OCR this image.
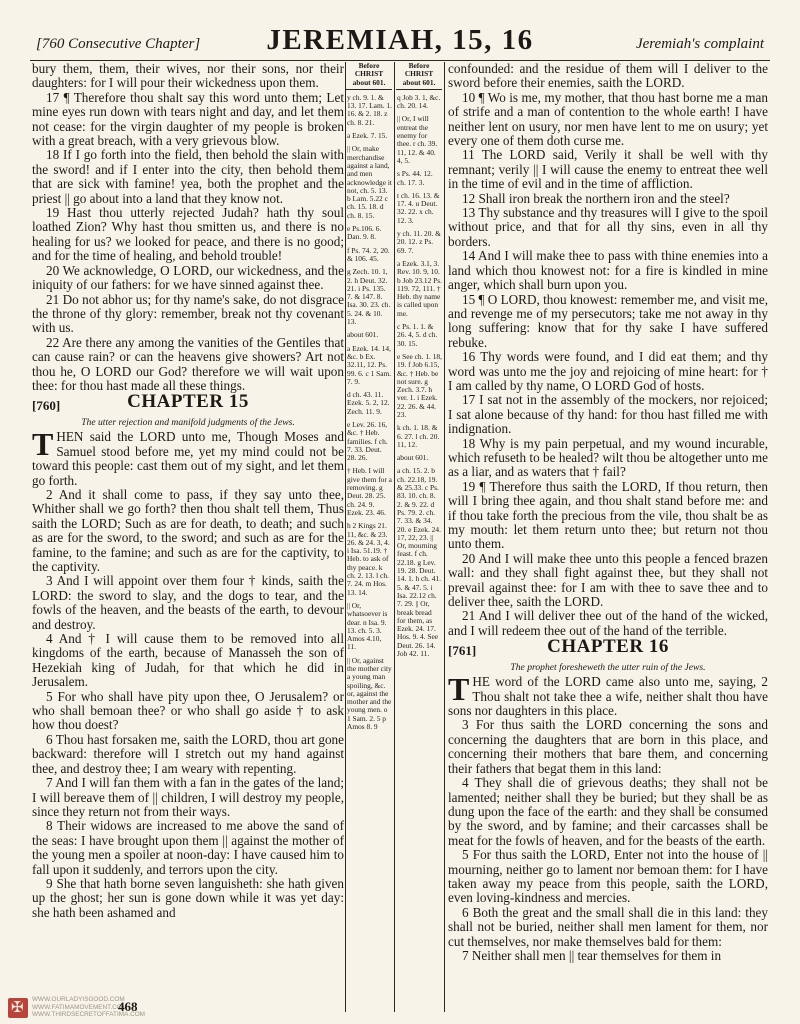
[760 Consecutive Chapter]	JEREMIAH, 15, 16	Jeremiah's complaint

bury them, them, their wives, nor their sons, nor their daughters: for I will pour their wickedness upon them.

17 ¶ Therefore thou shalt say this word unto them; Let mine eyes run down with tears night and day, and let them not cease: for the virgin daughter of my people is broken with a great breach, with a very grievous blow.

18 If I go forth into the field, then behold the slain with the sword! and if I enter into the city, then behold them that are sick with famine! yea, both the prophet and the priest || go about into a land that they know not.

19 Hast thou utterly rejected Judah? hath thy soul loathed Zion? Why hast thou smitten us, and there is no healing for us? we looked for peace, and there is no good; and for the time of healing, and behold trouble!

20 We acknowledge, O LORD, our wickedness, and the iniquity of our fathers: for we have sinned against thee.

21 Do not abhor us; for thy name's sake, do not disgrace the throne of thy glory: remember, break not thy covenant with us.

22 Are there any among the vanities of the Gentiles that can cause rain? or can the heavens give showers? Art not thou he, O LORD our God? therefore we will wait upon thee: for thou hast made all these things.

[760]	CHAPTER 15
The utter rejection and manifold judgments of the Jews.

THEN said the LORD unto me, Though Moses and Samuel stood before me, yet my mind could not be toward this people: cast them out of my sight, and let them go forth.

2 And it shall come to pass, if they say unto thee, Whither shall we go forth? then thou shalt tell them, Thus saith the LORD; Such as are for death, to death; and such as are for the sword, to the sword; and such as are for the famine, to the famine; and such as are for the captivity, to the captivity.

3 And I will appoint over them four † kinds, saith the LORD: the sword to slay, and the dogs to tear, and the fowls of the heaven, and the beasts of the earth, to devour and destroy.

4 And † I will cause them to be removed into all kingdoms of the earth, because of Manasseh the son of Hezekiah king of Judah, for that which he did in Jerusalem.

5 For who shall have pity upon thee, O Jerusalem? or who shall bemoan thee? or who shall go aside † to ask how thou doest?

6 Thou hast forsaken me, saith the LORD, thou art gone backward: therefore will I stretch out my hand against thee, and destroy thee; I am weary with repenting.

7 And I will fan them with a fan in the gates of the land; I will bereave them of || children, I will destroy my people, since they return not from their ways.

8 Their widows are increased to me above the sand of the seas: I have brought upon them || against the mother of the young men a spoiler at noon-day: I have caused him to fall upon it suddenly, and terrors upon the city.

9 She that hath borne seven languisheth: she hath given up the ghost; her sun is gone down while it was yet day: she hath been ashamed and

Before CHRIST about 601.
y ch. 9. 1. & 13. 17. Lam. 1. 16. & 2. 18. z ch. 8. 21.
a Ezek. 7. 15.
|| Or, make merchandise against a land, and men acknowledge it not, ch. 5. 13. b Lam. 5.22 c ch. 15. 18. d ch. 8. 15.
e Ps.106. 6. Dan. 9. 8.
f Ps. 74. 2, 20. & 106. 45.
g Zech. 10. 1, 2. h Deut. 32. 21. i Ps. 135. 7. & 147. 8. Isa. 30. 23. ch. 5. 24. & 10. 13.
about 601.
a Ezek. 14. 14, &c. b Ex. 32.11, 12. Ps. 99. 6. c 1 Sam. 7. 9.
d ch. 43. 11. Ezek. 5. 2, 12. Zech. 11. 9.
e Lev. 26. 16, &c. † Heb. families. f ch. 7. 33. Deut. 28. 26.
† Heb. I will give them for a removing. g Deut. 28. 25. ch. 24. 9. Ezek. 23. 46.
h 2 Kings 21. 11, &c. & 23. 26. & 24. 3, 4. i Isa. 51.19. † Heb. to ask of thy peace. k ch. 2. 13. l ch. 7. 24. m Hos. 13. 14.
|| Or, whatsoever is dear. n Isa. 9. 13. ch. 5. 3. Amos 4.10, 11.
|| Or, against the mother city a young man spoiling, &c. or, against the mother and the young men. o 1 Sam. 2. 5 p Amos 8. 9
Before CHRIST about 601.
q Job 3. 1, &c. ch. 20. 14.
|| Or, I will entreat the enemy for thee. r ch. 39. 11, 12. & 40. 4, 5.
s Ps. 44. 12. ch. 17. 3.
t ch. 16. 13. & 17. 4. u Deut. 32. 22. x ch. 12. 3.
y ch. 11. 20. & 20. 12. z Ps. 69. 7.
a Ezek. 3.1, 3. Rev. 10. 9, 10. b Job 23.12 Ps. 119. 72, 111. † Heb. thy name is called upon me.
c Ps. 1. 1. & 26. 4, 5. d ch. 30. 15.
e See ch. 1. 18, 19. f Job 6.15, &c. † Heb. be not sure. g Zech. 3.7. h ver. 1. i Ezek. 22. 26. & 44. 23.
k ch. 1. 18. & 6. 27. l ch. 20. 11, 12.
about 601.
a ch. 15. 2. b ch. 22.18, 19. & 25.33. c Ps. 83. 10. ch. 8. 2. & 9. 22. d Ps. 79. 2. ch. 7. 33. & 34. 20. e Ezek. 24. 17, 22, 23. || Or, mourning feast. f ch. 22.18. g Lev. 19. 28. Deut. 14. 1. h ch. 41. 5. & 47. 5. i Isa. 22.12 ch. 7. 29. || Or, break bread for them, as Ezek. 24. 17. Hos. 9. 4. See Deut. 26. 14. Job 42. 11.

confounded: and the residue of them will I deliver to the sword before their enemies, saith the LORD.

10 ¶ Wo is me, my mother, that thou hast borne me a man of strife and a man of contention to the whole earth! I have neither lent on usury, nor men have lent to me on usury; yet every one of them doth curse me.

11 The LORD said, Verily it shall be well with thy remnant; verily || I will cause the enemy to entreat thee well in the time of evil and in the time of affliction.

12 Shall iron break the northern iron and the steel?

13 Thy substance and thy treasures will I give to the spoil without price, and that for all thy sins, even in all thy borders.

14 And I will make thee to pass with thine enemies into a land which thou knowest not: for a fire is kindled in mine anger, which shall burn upon you.

15 ¶ O LORD, thou knowest: remember me, and visit me, and revenge me of my persecutors; take me not away in thy long suffering: know that for thy sake I have suffered rebuke.

16 Thy words were found, and I did eat them; and thy word was unto me the joy and rejoicing of mine heart: for † I am called by thy name, O LORD God of hosts.

17 I sat not in the assembly of the mockers, nor rejoiced; I sat alone because of thy hand: for thou hast filled me with indignation.

18 Why is my pain perpetual, and my wound incurable, which refuseth to be healed? wilt thou be altogether unto me as a liar, and as waters that † fail?

19 ¶ Therefore thus saith the LORD, If thou return, then will I bring thee again, and thou shalt stand before me: and if thou take forth the precious from the vile, thou shalt be as my mouth: let them return unto thee; but return not thou unto them.

20 And I will make thee unto this people a fenced brazen wall: and they shall fight against thee, but they shall not prevail against thee: for I am with thee to save thee and to deliver thee, saith the LORD.

21 And I will deliver thee out of the hand of the wicked, and I will redeem thee out of the hand of the terrible.

[761]	CHAPTER 16
The prophet foresheweth the utter ruin of the Jews.

THE word of the LORD came also unto me, saying, 2 Thou shalt not take thee a wife, neither shalt thou have sons nor daughters in this place.

3 For thus saith the LORD concerning the sons and concerning the daughters that are born in this place, and concerning their mothers that bare them, and concerning their fathers that begat them in this land:

4 They shall die of grievous deaths; they shall not be lamented; neither shall they be buried; but they shall be as dung upon the face of the earth: and they shall be consumed by the sword, and by famine; and their carcasses shall be meat for the fowls of heaven, and for the beasts of the earth.

5 For thus saith the LORD, Enter not into the house of || mourning, neither go to lament nor bemoan them: for I have taken away my peace from this people, saith the LORD, even loving-kindness and mercies.

6 Both the great and the small shall die in this land: they shall not be buried, neither shall men lament for them, nor cut themselves, nor make themselves bald for them:

7 Neither shall men || tear themselves for them in

✠
WWW.OURLADYISGOOD.COM
WWW.FATIMAMOVEMENT.COM
WWW.THIRDSECRETOFFATIMA.COM
468
